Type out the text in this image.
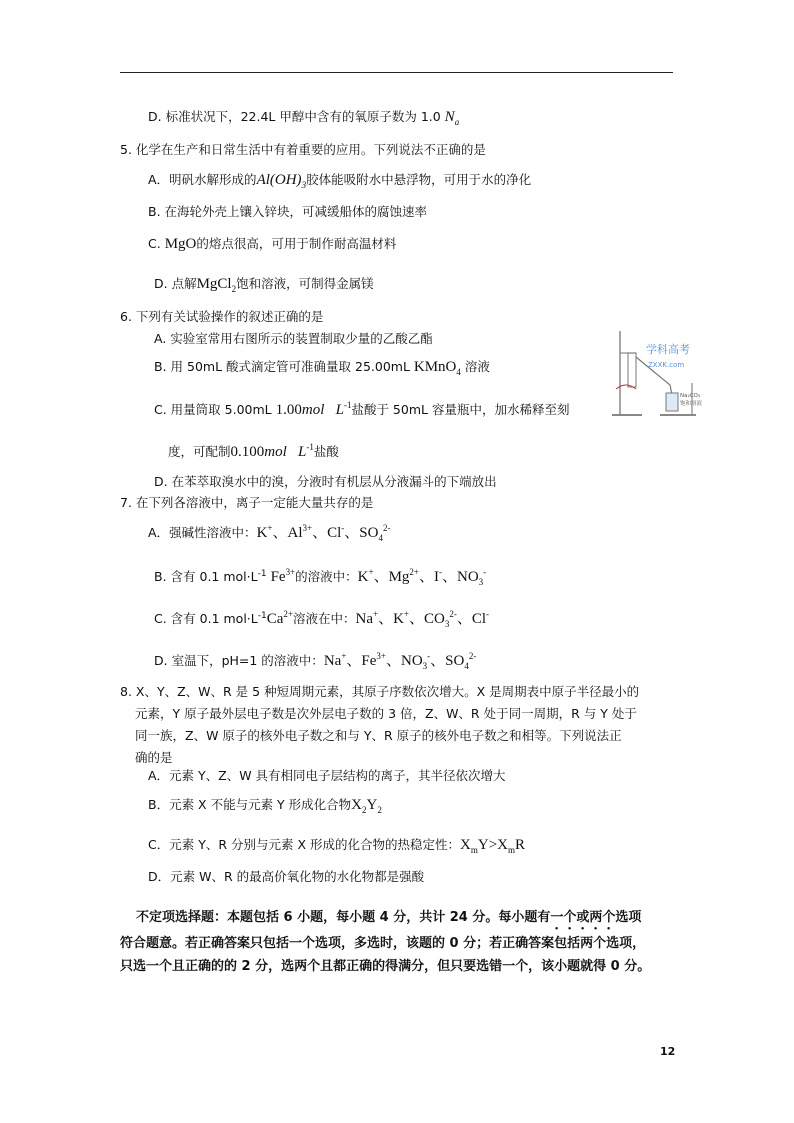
D. 标准状况下，22.4L 甲醇中含有的氧原子数为 1.0 $N_a$
5. 化学在生产和日常生活中有着重要的应用。下列说法不正确的是
A．明矾水解形成的$Al(OH)_3$胶体能吸附水中悬浮物，可用于水的净化
B. 在海轮外壳上镶入锌块，可减缓船体的腐蚀速率
C. MgO的熔点很高，可用于制作耐高温材料
D. 点解MgCl$_2$饱和溶液，可制得金属镁
6. 下列有关试验操作的叙述正确的是
A. 实验室常用右图所示的装置制取少量的乙酸乙酯
B. 用 50mL 酸式滴定管可准确量取 25.00mL KMnO$_4$ 溶液
C. 用量筒取 5.00mL 1.00mol $L^{-1}$盐酸于 50mL 容量瓶中，加水稀释至刻
度，可配制0.100mol $L^{-1}$盐酸
D. 在苯萃取溴水中的溴，分液时有机层从分液漏斗的下端放出
学科高考
ZXXK.com
Na₂CO₃
饱和溶液
7. 在下列各溶液中，离子一定能大量共存的是
A．强碱性溶液中：K+、$Al^{3+}$、Cl-、$SO_4^{2-}$
B. 含有 0.1 $mol\cdot L^{-1}$ $Fe^{3+}$的溶液中：K+、$Mg^{2+}$、I-、$NO_3^-$
C. 含有 0.1 $mol\cdot L^{-1}Ca^{2+}$溶液在中：Na+、K+、$CO_3^{2-}$、Cl-
D. 室温下，pH=1 的溶液中：Na+、$Fe^{3+}$、$NO_3^-$、$SO_4^{2-}$
8. X、Y、Z、W、R 是 5 种短周期元素，其原子序数依次增大。X 是周期表中原子半径最小的
元素，Y 原子最外层电子数是次外层电子数的 3 倍，Z、W、R 处于同一周期，R 与 Y 处于
同一族，Z、W 原子的核外电子数之和与 Y、R 原子的核外电子数之和相等。下列说法正
确的是
A．元素 Y、Z、W 具有相同电子层结构的离子，其半径依次增大
B．元素 X 不能与元素 Y 形成化合物$X_2Y_2$
C．元素 Y、R 分别与元素 X 形成的化合物的热稳定性：$X_mY>X_mR$
D．元素 W、R 的最高价氧化物的水化物都是强酸
不定项选择题：本题包括 6 小题，每小题 4 分，共计 24 分。每小题有一个或两个选项
符合题意。若正确答案只包括一个选项，多选时，该题的 0 分；若正确答案包括两个选项，
只选一个且正确的的 2 分，选两个且都正确的得满分，但只要选错一个，该小题就得 0 分。
12
